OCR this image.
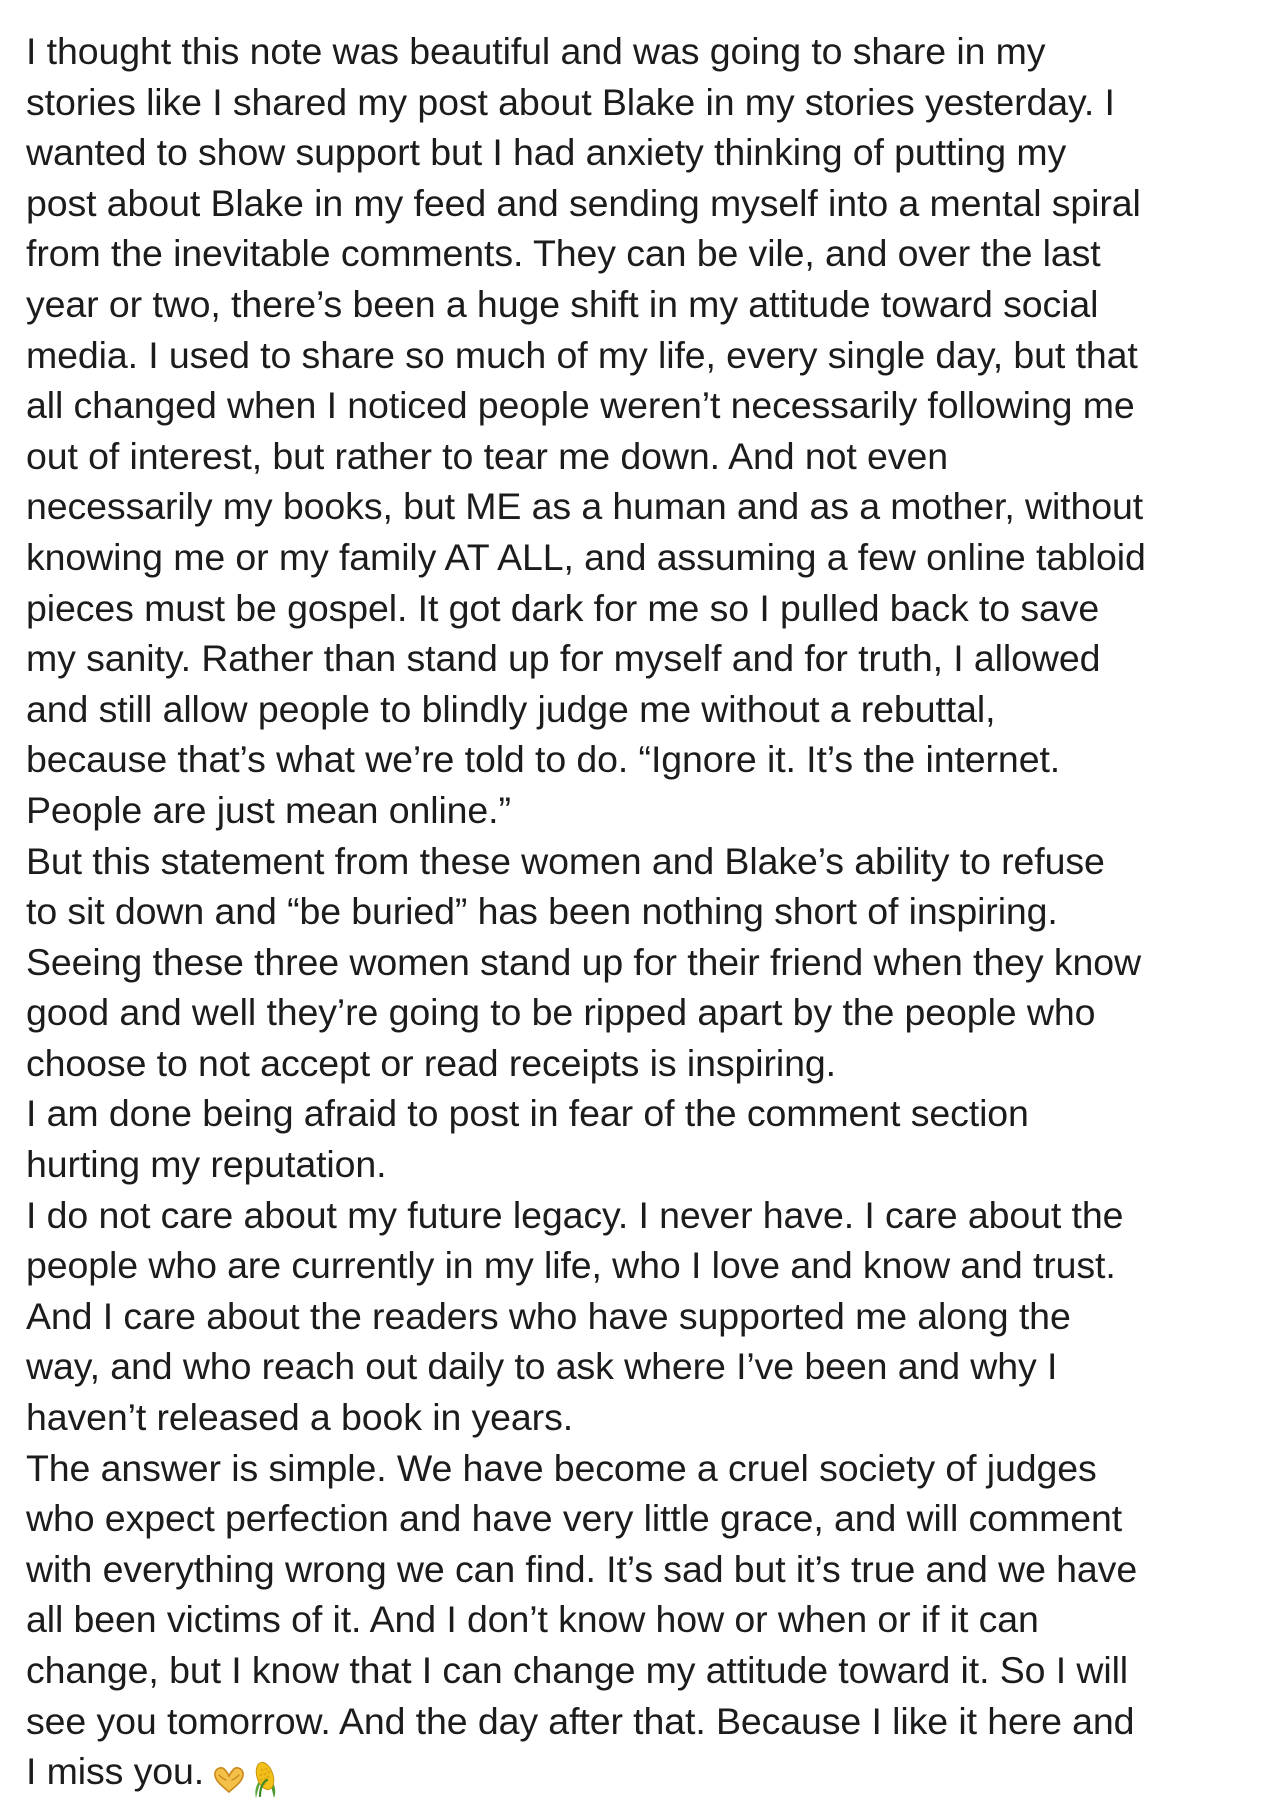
I thought this note was beautiful and was going to share in my

stories like I shared my post about Blake in my stories yesterday. I

wanted to show support but I had anxiety thinking of putting my

post about Blake in my feed and sending myself into a mental spiral

from the inevitable comments. They can be vile, and over the last

year or two, there’s been a huge shift in my attitude toward social

media. I used to share so much of my life, every single day, but that

all changed when I noticed people weren’t necessarily following me

out of interest, but rather to tear me down. And not even

necessarily my books, but ME as a human and as a mother, without

knowing me or my family AT ALL, and assuming a few online tabloid

pieces must be gospel. It got dark for me so I pulled back to save

my sanity. Rather than stand up for myself and for truth, I allowed

and still allow people to blindly judge me without a rebuttal,

because that’s what we’re told to do. “Ignore it. It’s the internet.

People are just mean online.”

But this statement from these women and Blake’s ability to refuse

to sit down and “be buried” has been nothing short of inspiring.

Seeing these three women stand up for their friend when they know

good and well they’re going to be ripped apart by the people who

choose to not accept or read receipts is inspiring.

I am done being afraid to post in fear of the comment section

hurting my reputation.

I do not care about my future legacy. I never have. I care about the

people who are currently in my life, who I love and know and trust.

And I care about the readers who have supported me along the

way, and who reach out daily to ask where I’ve been and why I

haven’t released a book in years.

The answer is simple. We have become a cruel society of judges

who expect perfection and have very little grace, and will comment

with everything wrong we can find. It’s sad but it’s true and we have

all been victims of it. And I don’t know how or when or if it can

change, but I know that I can change my attitude toward it. So I will

see you tomorrow. And the day after that. Because I like it here and

I miss you.
